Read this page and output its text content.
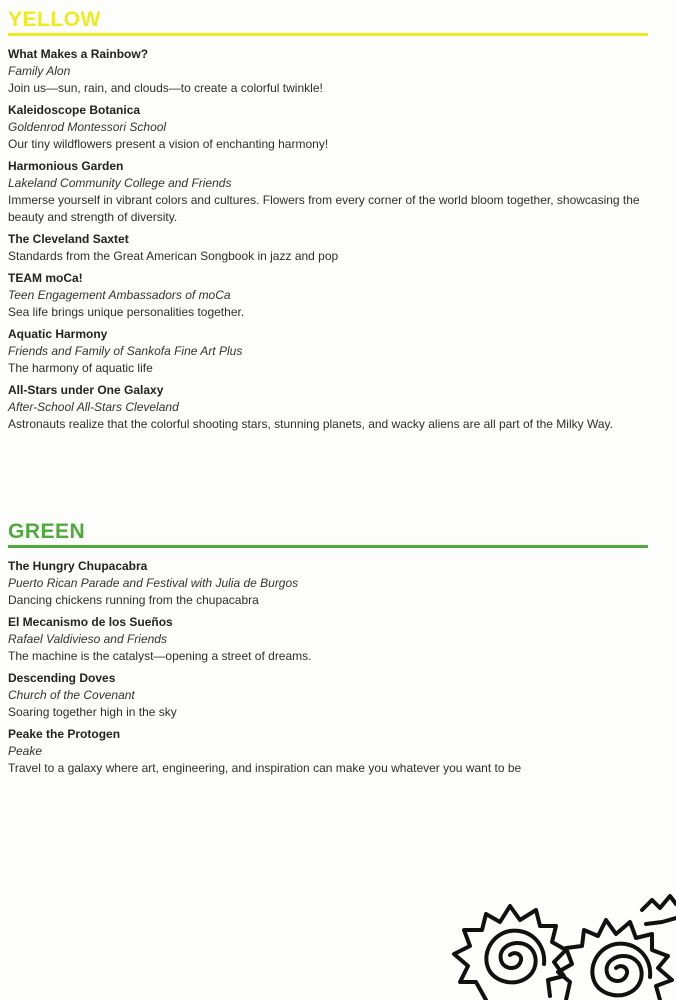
YELLOW
What Makes a Rainbow?
Family Alon
Join us—sun, rain, and clouds—to create a colorful twinkle!
Kaleidoscope Botanica
Goldenrod Montessori School
Our tiny wildflowers present a vision of enchanting harmony!
Harmonious Garden
Lakeland Community College and Friends
Immerse yourself in vibrant colors and cultures. Flowers from every corner of the world bloom together, showcasing the beauty and strength of diversity.
The Cleveland Saxtet
Standards from the Great American Songbook in jazz and pop
TEAM moCa!
Teen Engagement Ambassadors of moCa
Sea life brings unique personalities together.
Aquatic Harmony
Friends and Family of Sankofa Fine Art Plus
The harmony of aquatic life
All-Stars under One Galaxy
After-School All-Stars Cleveland
Astronauts realize that the colorful shooting stars, stunning planets, and wacky aliens are all part of the Milky Way.
GREEN
The Hungry Chupacabra
Puerto Rican Parade and Festival with Julia de Burgos
Dancing chickens running from the chupacabra
El Mecanismo de los Sueños
Rafael Valdivieso and Friends
The machine is the catalyst—opening a street of dreams.
Descending Doves
Church of the Covenant
Soaring together high in the sky
Peake the Protogen
Peake
Travel to a galaxy where art, engineering, and inspiration can make you whatever you want to be
